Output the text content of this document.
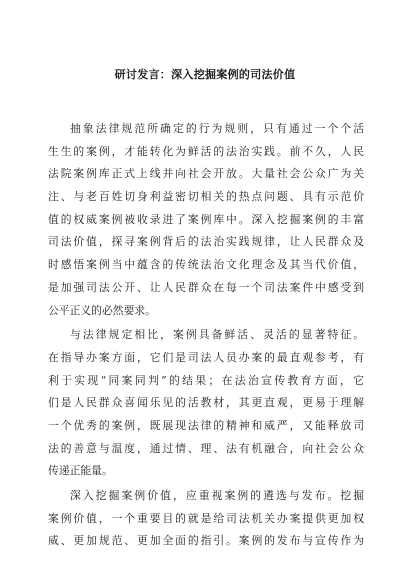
研讨发言：深入挖掘案例的司法价值
抽象法律规范所确定的行为规则，只有通过一个个活
生生的案例，才能转化为鲜活的法治实践。前不久，人民
法院案例库正式上线并向社会开放。大量社会公众广为关
注、与老百姓切身利益密切相关的热点问题、具有示范价
值的权威案例被收录进了案例库中。深入挖掘案例的丰富
司法价值，探寻案例背后的法治实践规律，让人民群众及
时感悟案例当中蕴含的传统法治文化理念及其当代价值，
是加强司法公开、让人民群众在每一个司法案件中感受到
公平正义的必然要求。
与法律规定相比，案例具备鲜活、灵活的显著特征。
在指导办案方面，它们是司法人员办案的最直观参考，有
利于实现“同案同判”的结果；在法治宣传教育方面，它
们是人民群众喜闻乐见的活教材，其更直观，更易于理解
一个优秀的案例，既展现法律的精神和威严，又能释放司
法的善意与温度，通过情、理、法有机融合，向社会公众
传递正能量。
深入挖掘案例价值，应重视案例的遴选与发布。挖掘
案例价值，一个重要目的就是给司法机关办案提供更加权
威、更加规范、更加全面的指引。案例的发布与宣传作为
